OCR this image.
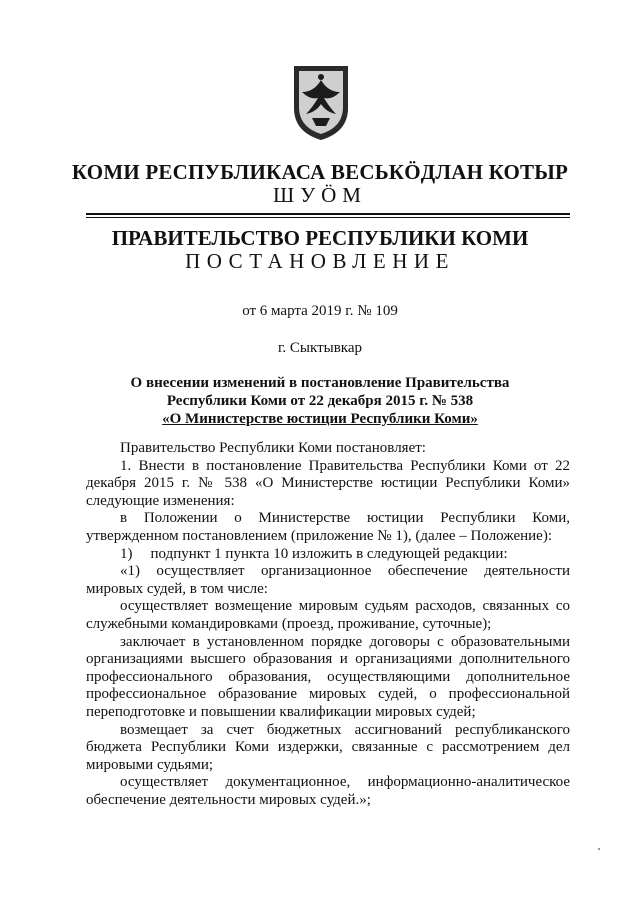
КОМИ РЕСПУБЛИКАСА ВЕСЬКӦДЛАН КОТЫР
ШУӦМ
ПРАВИТЕЛЬСТВО РЕСПУБЛИКИ КОМИ
ПОСТАНОВЛЕНИЕ
от 6 марта 2019 г. № 109
г. Сыктывкар
О внесении изменений в постановление Правительства
Республики Коми от 22 декабря 2015 г. № 538
«О Министерстве юстиции Республики Коми»

Правительство Республики Коми постановляет:

1. Внести в постановление Правительства Республики Коми от 22 декабря 2015 г. № 538 «О Министерстве юстиции Республики Коми» следующие изменения:

в Положении о Министерстве юстиции Республики Коми, утвержденном постановлением (приложение № 1), (далее – Положение):

1) подпункт 1 пункта 10 изложить в следующей редакции:

«1) осуществляет организационное обеспечение деятельности мировых судей, в том числе:

осуществляет возмещение мировым судьям расходов, связанных со служебными командировками (проезд, проживание, суточные);

заключает в установленном порядке договоры с образовательными организациями высшего образования и организациями дополнительного профессионального образования, осуществляющими дополнительное профессиональное образование мировых судей, о профессиональной переподготовке и повышении квалификации мировых судей;

возмещает за счет бюджетных ассигнований республиканского бюджета Республики Коми издержки, связанные с рассмотрением дел мировыми судьями;

осуществляет документационное, информационно-аналитическое обеспечение деятельности мировых судей.»;
